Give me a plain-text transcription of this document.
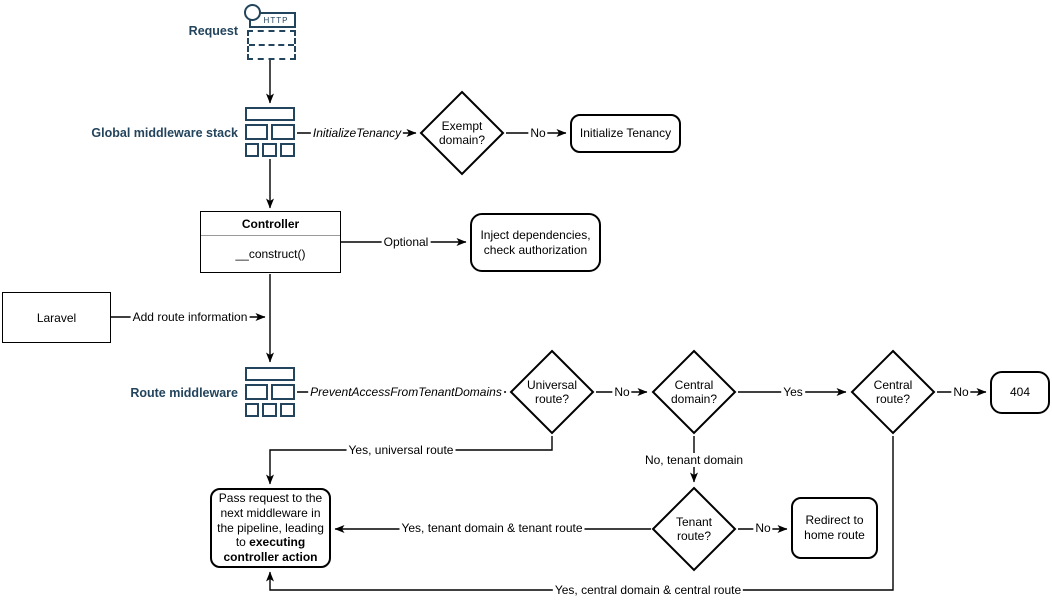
HTTP
Request
Global middleware stack
Exempt
domain?	Initialize Tenancy
Controller
__construct()
Inject dependencies,
check authorization
Laravel
Route middleware
Universal
route?
Central
domain?
Central
route?	404
Tenant
route?
Redirect to
home route
Pass request to the next middleware in the pipeline, leading to executing controller action
InitializeTenancy	No
Optional
Add route information
PreventAccessFromTenantDomains	No	Yes	No
Yes, universal route
No, tenant domain
Yes, tenant domain & tenant route	No
Yes, central domain & central route
